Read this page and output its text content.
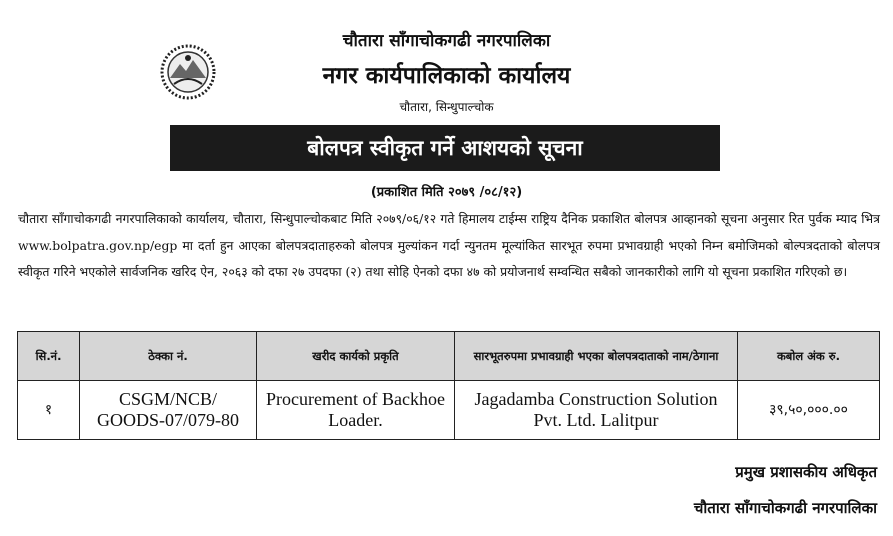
चौतारा साँगाचोकगढी नगरपालिका
नगर कार्यपालिकाको कार्यालय
चौतारा, सिन्धुपाल्चोक
बोलपत्र स्वीकृत गर्ने आशयको सूचना
(प्रकाशित मिति २०७९ /०८/१२)
चौतारा साँगाचोकगढी नगरपालिकाको कार्यालय, चौतारा, सिन्धुपाल्चोकबाट मिति २०७९/०६/१२ गते हिमालय टाईम्स राष्ट्रिय दैनिक प्रकाशित बोलपत्र आव्हानको सूचना अनुसार रित पुर्वक म्याद भित्र www.bolpatra.gov.np/egp मा दर्ता हुन आएका बोलपत्रदाताहरुको बोलपत्र मुल्यांकन गर्दा न्युनतम मूल्यांकित सारभूत रुपमा प्रभावग्राही भएको निम्न बमोजिमको बोल्पत्रदताको बोलपत्र स्वीकृत गरिने भएकोले सार्वजनिक खरिद ऐन, २०६३ को दफा २७ उपदफा (२) तथा सोहि ऐनको दफा ४७ को प्रयोजनार्थ सम्वन्धित सबैको जानकारीको लागि यो सूचना प्रकाशित गरिएको छ।
सि.नं.	ठेक्का नं.	खरीद कार्यको प्रकृति	सारभूतरुपमा प्रभावग्राही भएका बोलपत्रदाताको नाम/ठेगाना	कबोल अंक रु.
१	CSGM/NCB/ GOODS-07/079-80	Procurement of Backhoe Loader.	Jagadamba Construction Solution Pvt. Ltd. Lalitpur	३९,५०,०००.००
प्रमुख प्रशासकीय अधिकृत
चौतारा साँगाचोकगढी नगरपालिका
